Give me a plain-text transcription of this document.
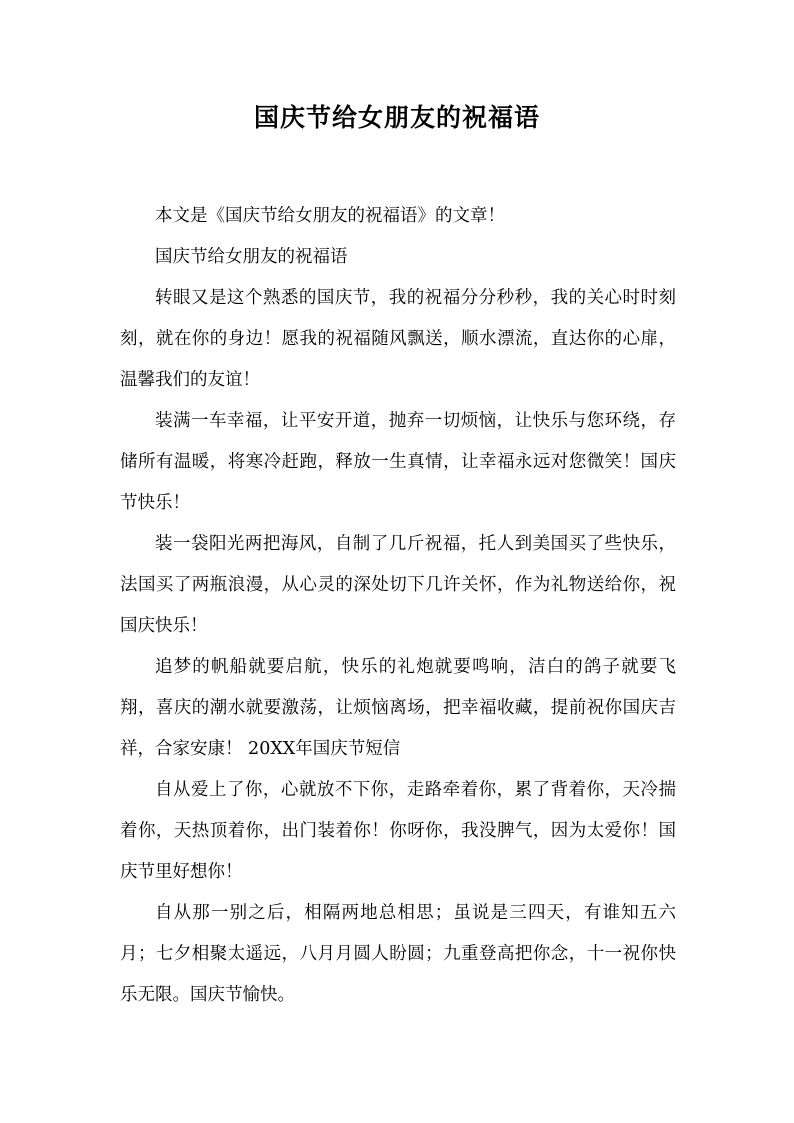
国庆节给女朋友的祝福语

本文是《国庆节给女朋友的祝福语》的文章！

国庆节给女朋友的祝福语

转眼又是这个熟悉的国庆节，我的祝福分分秒秒，我的关心时时刻刻，就在你的身边！愿我的祝福随风飘送，顺水漂流，直达你的心扉，温馨我们的友谊！

装满一车幸福，让平安开道，抛弃一切烦恼，让快乐与您环绕，存储所有温暖，将寒冷赶跑，释放一生真情，让幸福永远对您微笑！国庆节快乐！

装一袋阳光两把海风，自制了几斤祝福，托人到美国买了些快乐，法国买了两瓶浪漫，从心灵的深处切下几许关怀，作为礼物送给你，祝国庆快乐！

追梦的帆船就要启航，快乐的礼炮就要鸣响，洁白的鸽子就要飞翔，喜庆的潮水就要激荡，让烦恼离场，把幸福收藏，提前祝你国庆吉祥，合家安康！ 20XX年国庆节短信

自从爱上了你，心就放不下你，走路牵着你，累了背着你，天冷揣着你，天热顶着你，出门装着你！你呀你，我没脾气，因为太爱你！国庆节里好想你！

自从那一别之后，相隔两地总相思；虽说是三四天，有谁知五六月；七夕相聚太遥远，八月月圆人盼圆；九重登高把你念，十一祝你快乐无限。国庆节愉快。
